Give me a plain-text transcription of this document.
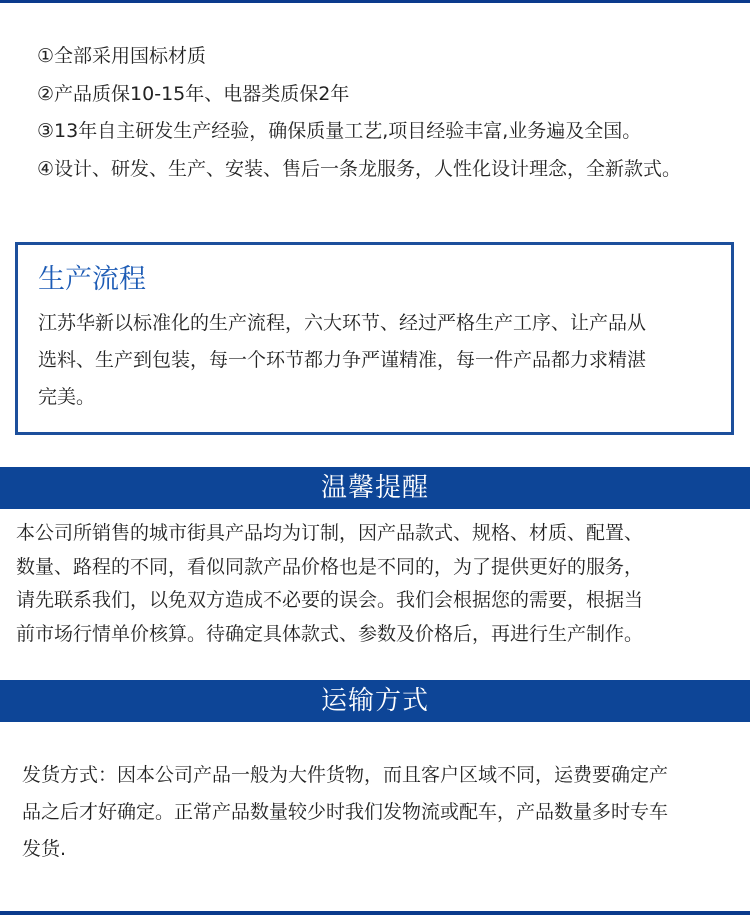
①全部采用国标材质
②产品质保10-15年、电器类质保2年
③13年自主研发生产经验，确保质量工艺,项目经验丰富,业务遍及全国。
④设计、研发、生产、安装、售后一条龙服务，人性化设计理念，全新款式。
生产流程
江苏华新以标准化的生产流程，六大环节、经过严格生产工序、让产品从
选料、生产到包装，每一个环节都力争严谨精准，每一件产品都力求精湛
完美。
温馨提醒
本公司所销售的城市街具产品均为订制，因产品款式、规格、材质、配置、
数量、路程的不同，看似同款产品价格也是不同的，为了提供更好的服务，
请先联系我们，以免双方造成不必要的误会。我们会根据您的需要，根据当
前市场行情单价核算。待确定具体款式、参数及价格后，再进行生产制作。
运输方式
发货方式：因本公司产品一般为大件货物，而且客户区域不同，运费要确定产
品之后才好确定。正常产品数量较少时我们发物流或配车，产品数量多时专车
发货.
